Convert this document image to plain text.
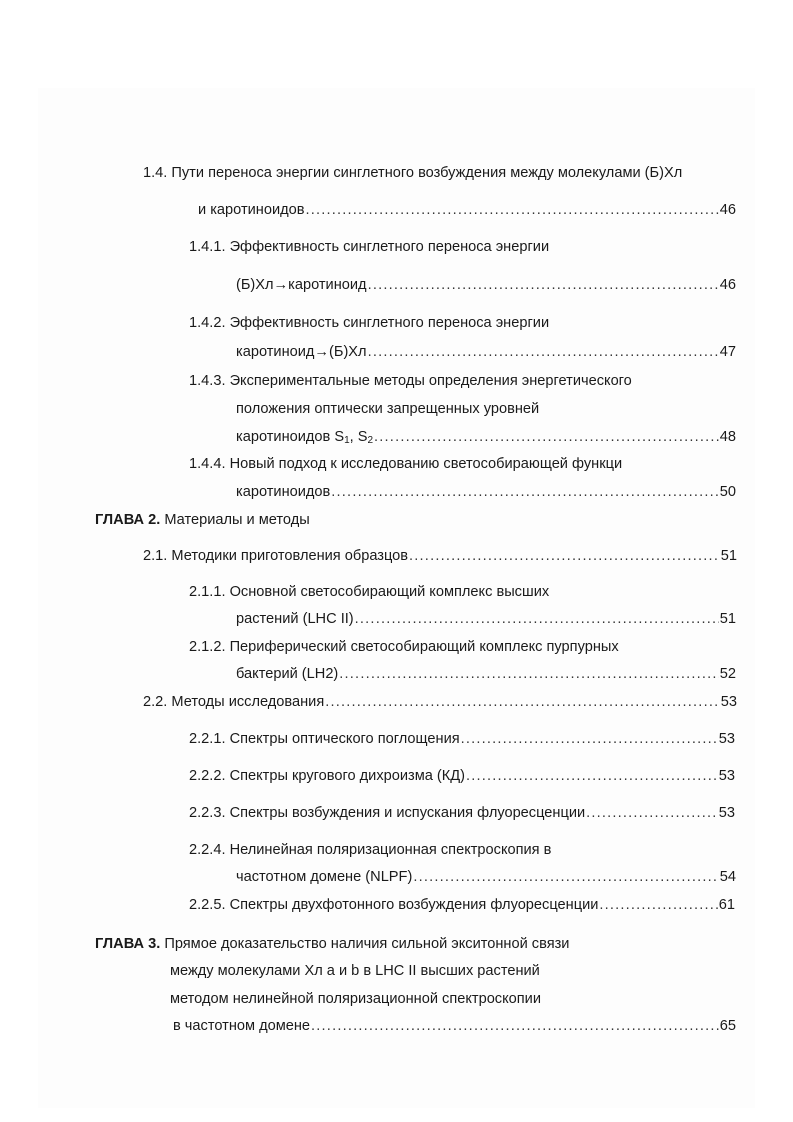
1.4. Пути переноса энергии синглетного возбуждения между молекулами (Б)Хл
и каротиноидов .....	46
1.4.1. Эффективность синглетного переноса энергии
(Б)Хл→каротиноид .....	46
1.4.2. Эффективность синглетного переноса энергии
каротиноид→(Б)Хл .....	47
1.4.3. Экспериментальные методы определения энергетического
положения оптически запрещенных уровней
каротиноидов $S_1$, $S_2$ .....	48
1.4.4. Новый подход к исследованию светособирающей функци
каротиноидов .....	50
ГЛАВА 2. Материалы и методы
2.1. Методики приготовления образцов .....	51
2.1.1. Основной светособирающий комплекс высших
растений (LHC II) .....	51
2.1.2. Периферический светособирающий комплекс пурпурных
бактерий (LH2) .....	52
2.2. Методы исследования .....	53
2.2.1. Спектры оптического поглощения .....	53
2.2.2. Спектры кругового дихроизма (КД) .....	53
2.2.3. Спектры возбуждения и испускания флуоресценции .....	53
2.2.4. Нелинейная поляризационная спектроскопия в
частотном домене (NLPF) .....	54
2.2.5. Спектры двухфотонного возбуждения флуоресценции .....	61
ГЛАВА 3. Прямое доказательство наличия сильной экситонной связи
между молекулами Хл a и b в LHC II высших растений
методом нелинейной поляризационной спектроскопии
в частотном домене .....	65
